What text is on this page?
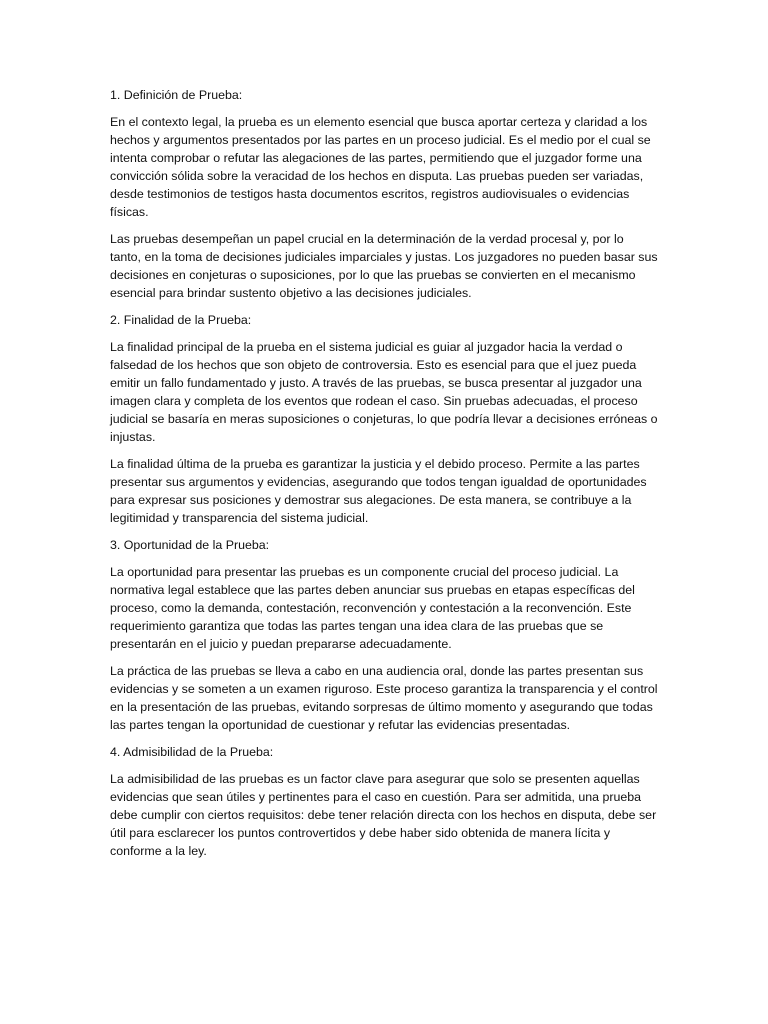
1. Definición de Prueba:

En el contexto legal, la prueba es un elemento esencial que busca aportar certeza y claridad a los hechos y argumentos presentados por las partes en un proceso judicial. Es el medio por el cual se intenta comprobar o refutar las alegaciones de las partes, permitiendo que el juzgador forme una convicción sólida sobre la veracidad de los hechos en disputa. Las pruebas pueden ser variadas, desde testimonios de testigos hasta documentos escritos, registros audiovisuales o evidencias físicas.

Las pruebas desempeñan un papel crucial en la determinación de la verdad procesal y, por lo tanto, en la toma de decisiones judiciales imparciales y justas. Los juzgadores no pueden basar sus decisiones en conjeturas o suposiciones, por lo que las pruebas se convierten en el mecanismo esencial para brindar sustento objetivo a las decisiones judiciales.

2. Finalidad de la Prueba:

La finalidad principal de la prueba en el sistema judicial es guiar al juzgador hacia la verdad o falsedad de los hechos que son objeto de controversia. Esto es esencial para que el juez pueda emitir un fallo fundamentado y justo. A través de las pruebas, se busca presentar al juzgador una imagen clara y completa de los eventos que rodean el caso. Sin pruebas adecuadas, el proceso judicial se basaría en meras suposiciones o conjeturas, lo que podría llevar a decisiones erróneas o injustas.

La finalidad última de la prueba es garantizar la justicia y el debido proceso. Permite a las partes presentar sus argumentos y evidencias, asegurando que todos tengan igualdad de oportunidades para expresar sus posiciones y demostrar sus alegaciones. De esta manera, se contribuye a la legitimidad y transparencia del sistema judicial.

3. Oportunidad de la Prueba:

La oportunidad para presentar las pruebas es un componente crucial del proceso judicial. La normativa legal establece que las partes deben anunciar sus pruebas en etapas específicas del proceso, como la demanda, contestación, reconvención y contestación a la reconvención. Este requerimiento garantiza que todas las partes tengan una idea clara de las pruebas que se presentarán en el juicio y puedan prepararse adecuadamente.

La práctica de las pruebas se lleva a cabo en una audiencia oral, donde las partes presentan sus evidencias y se someten a un examen riguroso. Este proceso garantiza la transparencia y el control en la presentación de las pruebas, evitando sorpresas de último momento y asegurando que todas las partes tengan la oportunidad de cuestionar y refutar las evidencias presentadas.

4. Admisibilidad de la Prueba:

La admisibilidad de las pruebas es un factor clave para asegurar que solo se presenten aquellas evidencias que sean útiles y pertinentes para el caso en cuestión. Para ser admitida, una prueba debe cumplir con ciertos requisitos: debe tener relación directa con los hechos en disputa, debe ser útil para esclarecer los puntos controvertidos y debe haber sido obtenida de manera lícita y conforme a la ley.
